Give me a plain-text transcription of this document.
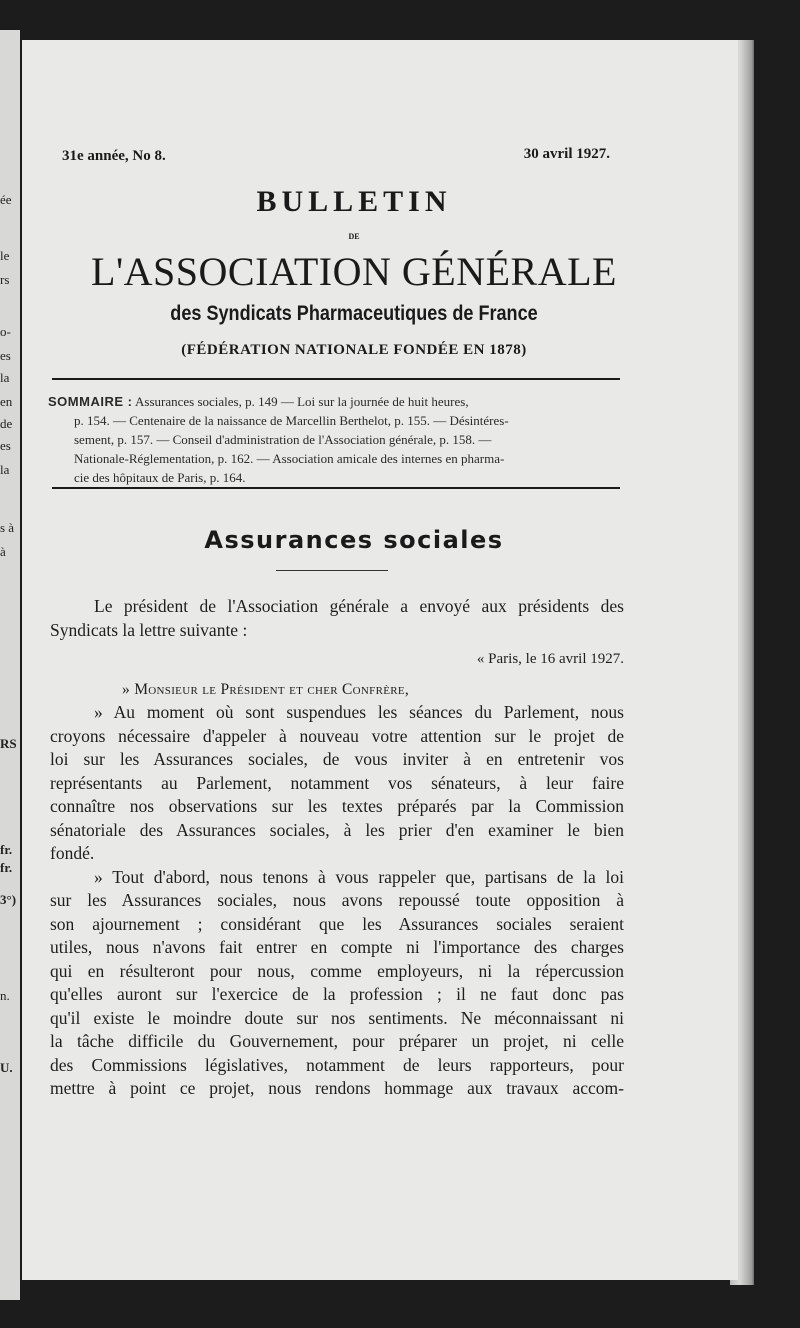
ée
le
rs
o-
es
la
en
de
es
la
s à
à
RS
fr.
fr.
3°)
n.
U.
31e année, No 8.	30 avril 1927.
BULLETIN
DE
L'ASSOCIATION GÉNÉRALE
des Syndicats Pharmaceutiques de France
(FÉDÉRATION NATIONALE FONDÉE EN 1878)
SOMMAIRE : Assurances sociales, p. 149 — Loi sur la journée de huit heures,
p. 154. — Centenaire de la naissance de Marcellin Berthelot, p. 155. — Désintéres-
sement, p. 157. — Conseil d'administration de l'Association générale, p. 158. —
Nationale-Réglementation, p. 162. — Association amicale des internes en pharma-
cie des hôpitaux de Paris, p. 164.
Assurances sociales
Le président de l'Association générale a envoyé aux présidents des
Syndicats la lettre suivante :
« Paris, le 16 avril 1927.
» Monsieur le Président et cher Confrère,
» Au moment où sont suspendues les séances du Parlement, nous
croyons nécessaire d'appeler à nouveau votre attention sur le projet de
loi sur les Assurances sociales, de vous inviter à en entretenir vos
représentants au Parlement, notamment vos sénateurs, à leur faire
connaître nos observations sur les textes préparés par la Commission
sénatoriale des Assurances sociales, à les prier d'en examiner le bien
fondé.
» Tout d'abord, nous tenons à vous rappeler que, partisans de la loi
sur les Assurances sociales, nous avons repoussé toute opposition à
son ajournement ; considérant que les Assurances sociales seraient
utiles, nous n'avons fait entrer en compte ni l'importance des charges
qui en résulteront pour nous, comme employeurs, ni la répercussion
qu'elles auront sur l'exercice de la profession ; il ne faut donc pas
qu'il existe le moindre doute sur nos sentiments. Ne méconnaissant ni
la tâche difficile du Gouvernement, pour préparer un projet, ni celle
des Commissions législatives, notamment de leurs rapporteurs, pour
mettre à point ce projet, nous rendons hommage aux travaux accom-
